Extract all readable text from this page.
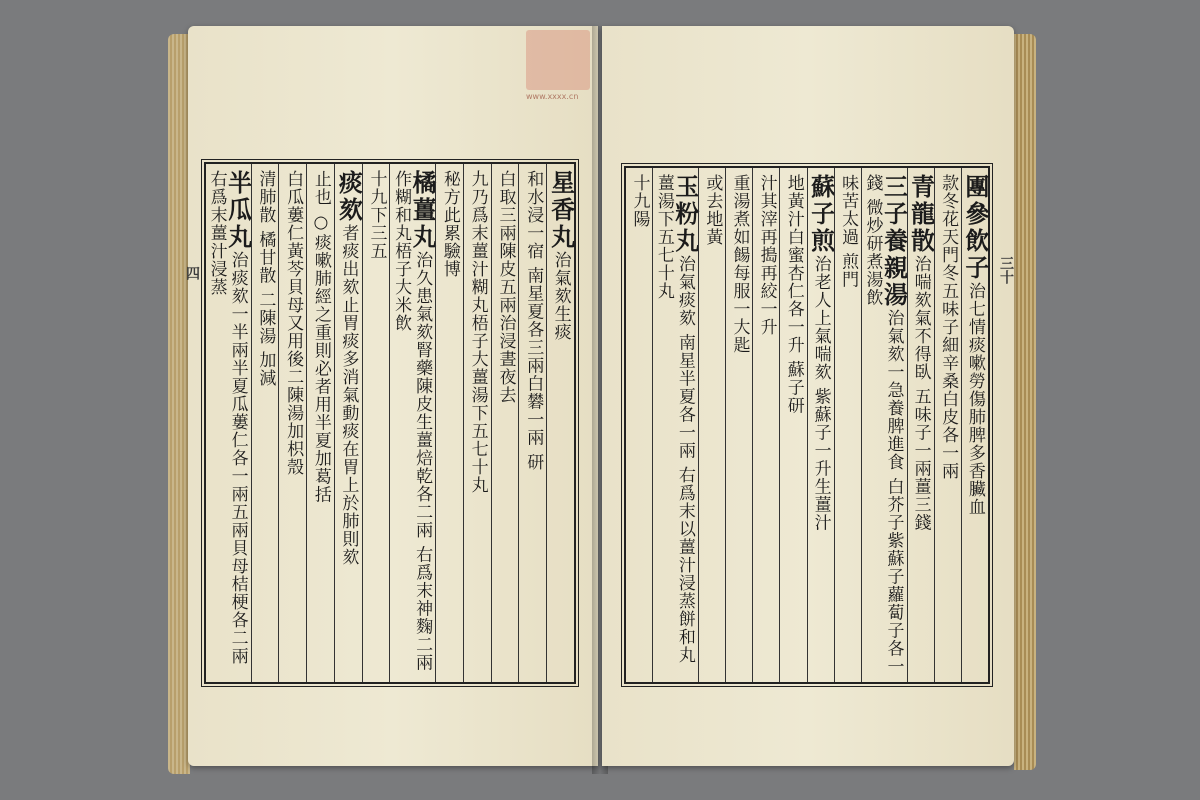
www.xxxx.cn
四
星香丸治氣欬生痰
和水浸一宿 南星夏各三兩白礬一兩 研
白取三兩陳皮五兩治浸晝夜去
九乃爲末薑汁糊丸梧子大薑湯下五七十丸
秘方此累驗博
橘薑丸治久患氣欬腎藥陳皮生薑焙乾各二兩 右爲末神麴二兩作糊和丸梧子大米飲
十九下三五
痰欬者痰出欬止胃痰多消氣動痰在胃上於肺則欬
止也 ○痰嗽肺經之重則必者用半夏加葛括
白瓜蔞仁黃芩貝母又用後二陳湯加枳殼
清肺散 橘甘散 二陳湯 加減
半瓜丸治痰欬一半兩半夏瓜蔞仁各一兩五兩貝母桔梗各二兩右爲末薑汁浸蒸	三十
團參飲子治七情痰嗽勞傷肺脾多香臟血
款冬花天門冬五味子細辛桑白皮各一兩
青龍散治喘欬氣不得臥 五味子一兩薑三錢
三子養親湯治氣欬一急養脾進食 白芥子紫蘇子蘿蔔子各一錢 微炒研煮湯飲
味苦太過 煎門
蘇子煎治老人上氣喘欬 紫蘇子一升生薑汁
地黃汁白蜜杏仁各一升 蘇子研
汁其滓再搗再絞一升
重湯煮如餳每服一大匙
或去地黃
玉粉丸治氣痰欬 南星半夏各一兩 右爲末以薑汁浸蒸餅和丸薑湯下五七十丸
十九陽
